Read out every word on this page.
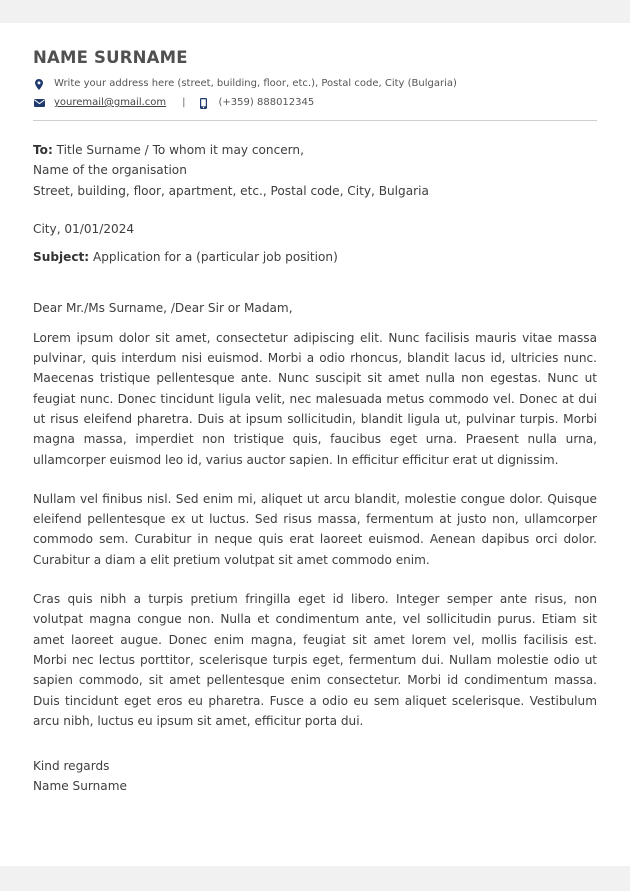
NAME SURNAME
Write your address here (street, building, floor, etc.), Postal code, City (Bulgaria)
youremail@gmail.com |	(+359) 888012345

To: Title Surname / To whom it may concern,

Name of the organisation

Street, building, floor, apartment, etc., Postal code, City, Bulgaria

City, 01/01/2024

Subject: Application for a (particular job position)

Dear Mr./Ms Surname, /Dear Sir or Madam,

Lorem ipsum dolor sit amet, consectetur adipiscing elit. Nunc facilisis mauris vitae massa pulvinar, quis interdum nisi euismod. Morbi a odio rhoncus, blandit lacus id, ultricies nunc. Maecenas tristique pellentesque ante. Nunc suscipit sit amet nulla non egestas. Nunc ut feugiat nunc. Donec tincidunt ligula velit, nec malesuada metus commodo vel. Donec at dui ut risus eleifend pharetra. Duis at ipsum sollicitudin, blandit ligula ut, pulvinar turpis. Morbi magna massa, imperdiet non tristique quis, faucibus eget urna. Praesent nulla urna, ullamcorper euismod leo id, varius auctor sapien. In efficitur efficitur erat ut dignissim.

Nullam vel finibus nisl. Sed enim mi, aliquet ut arcu blandit, molestie congue dolor. Quisque eleifend pellentesque ex ut luctus. Sed risus massa, fermentum at justo non, ullamcorper commodo sem. Curabitur in neque quis erat laoreet euismod. Aenean dapibus orci dolor. Curabitur a diam a elit pretium volutpat sit amet commodo enim.

Cras quis nibh a turpis pretium fringilla eget id libero. Integer semper ante risus, non volutpat magna congue non. Nulla et condimentum ante, vel sollicitudin purus. Etiam sit amet laoreet augue. Donec enim magna, feugiat sit amet lorem vel, mollis facilisis est. Morbi nec lectus porttitor, scelerisque turpis eget, fermentum dui. Nullam molestie odio ut sapien commodo, sit amet pellentesque enim consectetur. Morbi id condimentum massa. Duis tincidunt eget eros eu pharetra. Fusce a odio eu sem aliquet scelerisque. Vestibulum arcu nibh, luctus eu ipsum sit amet, efficitur porta dui.

Kind regards

Name Surname
